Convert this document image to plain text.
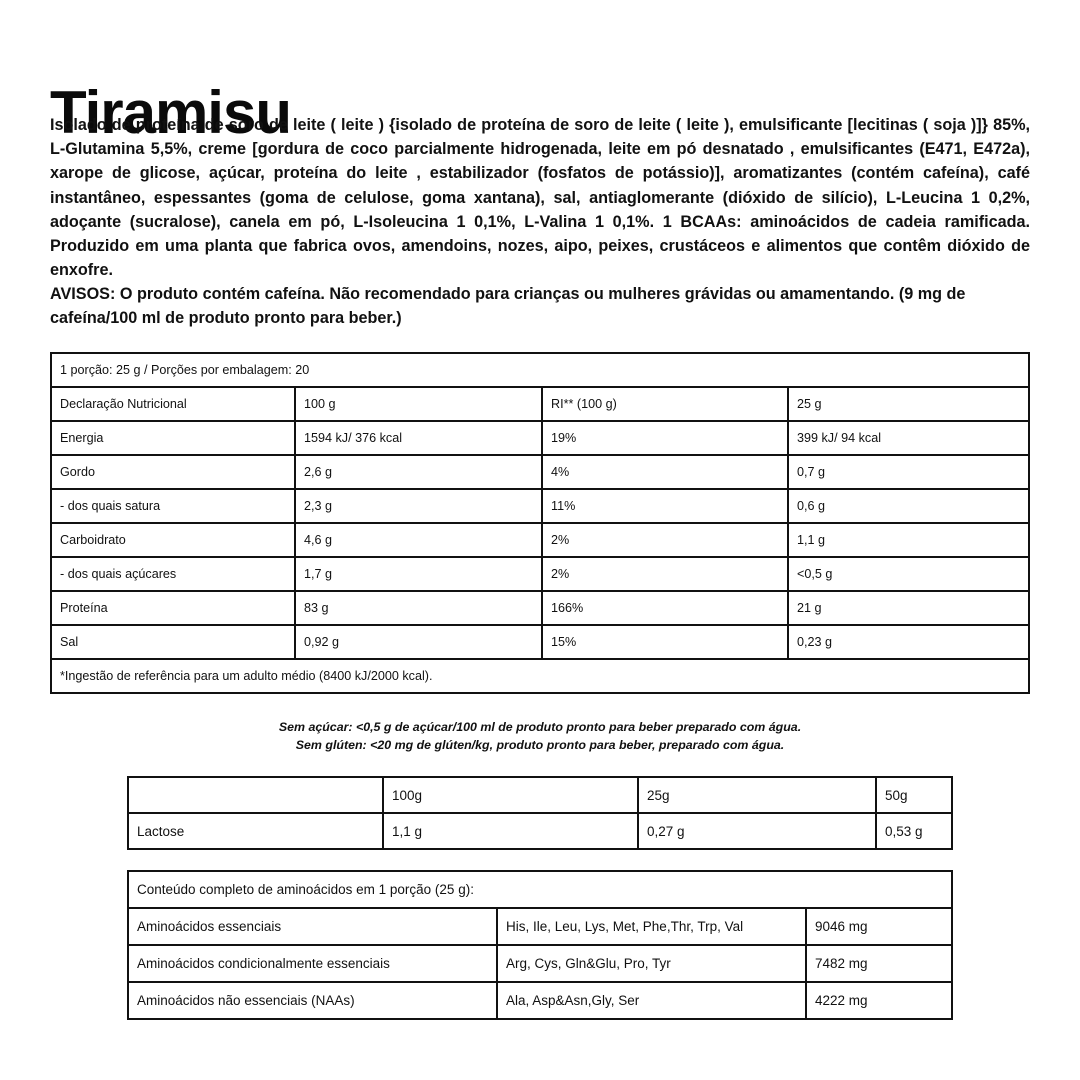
Tiramisu

Isolado de proteína de soro de leite ( leite ) {isolado de proteína de soro de leite ( leite ), emulsificante [lecitinas ( soja )]} 85%, L-Glutamina 5,5%, creme [gordura de coco parcialmente hidrogenada, leite em pó desnatado , emulsificantes (E471, E472a), xarope de glicose, açúcar, proteína do leite , estabilizador (fosfatos de potássio)], aromatizantes (contém cafeína), café instantâneo, espessantes (goma de celulose, goma xantana), sal, antiaglomerante (dióxido de silício), L-Leucina 1 0,2%, adoçante (sucralose), canela em pó, L-Isoleucina 1 0,1%, L-Valina 1 0,1%. 1 BCAAs: aminoácidos de cadeia ramificada. Produzido em uma planta que fabrica ovos, amendoins, nozes, aipo, peixes, crustáceos e alimentos que contêm dióxido de enxofre.

AVISOS: O produto contém cafeína. Não recomendado para crianças ou mulheres grávidas ou amamentando. (9 mg de cafeína/100 ml de produto pronto para beber.)
1 porção: 25 g / Porções por embalagem: 20			
Declaração Nutricional	100 g	RI** (100 g)	25 g
Energia	1594 kJ/ 376 kcal	19%	399 kJ/ 94 kcal
Gordo	2,6 g	4%	0,7 g
- dos quais satura	2,3 g	11%	0,6 g
Carboidrato	4,6 g	2%	1,1 g
- dos quais açúcares	1,7 g	2%	<0,5 g
Proteína	83 g	166%	21 g
Sal	0,92 g	15%	0,23 g
*Ingestão de referência para um adulto médio (8400 kJ/2000 kcal).			
Sem açúcar: <0,5 g de açúcar/100 ml de produto pronto para beber preparado com água.
Sem glúten: <20 mg de glúten/kg, produto pronto para beber, preparado com água.
	100g	25g	50g
Lactose	1,1 g	0,27 g	0,53 g
Conteúdo completo de aminoácidos em 1 porção (25 g):		
Aminoácidos essenciais	His, Ile, Leu, Lys, Met, Phe,Thr, Trp, Val	9046 mg
Aminoácidos condicionalmente essenciais	Arg, Cys, Gln&Glu, Pro, Tyr	7482 mg
Aminoácidos não essenciais (NAAs)	Ala, Asp&Asn,Gly, Ser	4222 mg
